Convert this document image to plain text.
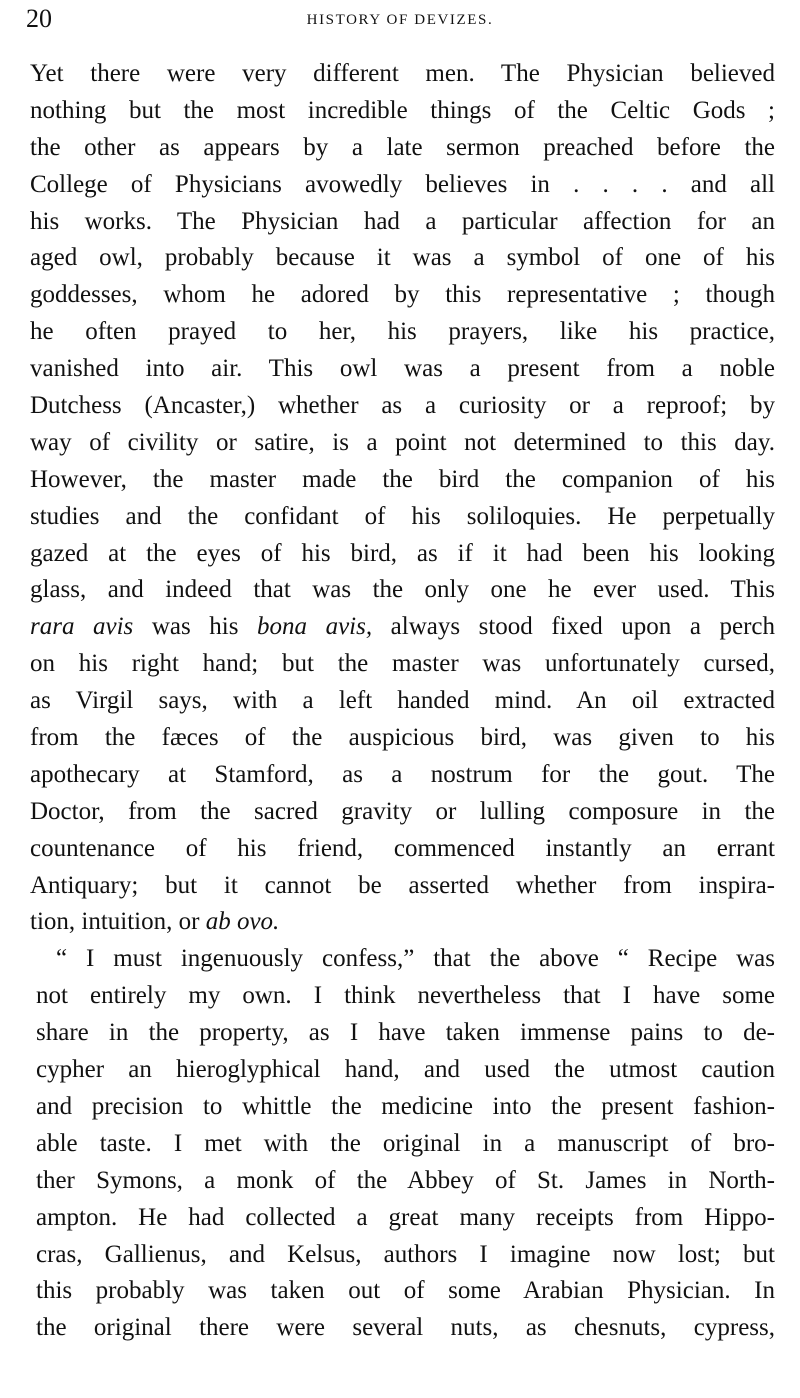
20	HISTORY OF DEVIZES.
Yet there were very different men. The Physician believed
nothing but the most incredible things of the Celtic Gods ;
the other as appears by a late sermon preached before the
College of Physicians avowedly believes in . . . . and all
his works. The Physician had a particular affection for an
aged owl, probably because it was a symbol of one of his
goddesses, whom he adored by this representative ; though
he often prayed to her, his prayers, like his practice,
vanished into air. This owl was a present from a noble
Dutchess (Ancaster,) whether as a curiosity or a reproof; by
way of civility or satire, is a point not determined to this day.
However, the master made the bird the companion of his
studies and the confidant of his soliloquies. He perpetually
gazed at the eyes of his bird, as if it had been his looking
glass, and indeed that was the only one he ever used. This
rara avis was his bona avis, always stood fixed upon a perch
on his right hand; but the master was unfortunately cursed,
as Virgil says, with a left handed mind. An oil extracted
from the fæces of the auspicious bird, was given to his
apothecary at Stamford, as a nostrum for the gout. The
Doctor, from the sacred gravity or lulling composure in the
countenance of his friend, commenced instantly an errant
Antiquary; but it cannot be asserted whether from inspira-
tion, intuition, or ab ovo.
“ I must ingenuously confess,” that the above “ Recipe was
not entirely my own. I think nevertheless that I have some
share in the property, as I have taken immense pains to de-
cypher an hieroglyphical hand, and used the utmost caution
and precision to whittle the medicine into the present fashion-
able taste. I met with the original in a manuscript of bro-
ther Symons, a monk of the Abbey of St. James in North-
ampton. He had collected a great many receipts from Hippo-
cras, Gallienus, and Kelsus, authors I imagine now lost; but
this probably was taken out of some Arabian Physician. In
the original there were several nuts, as chesnuts, cypress,
